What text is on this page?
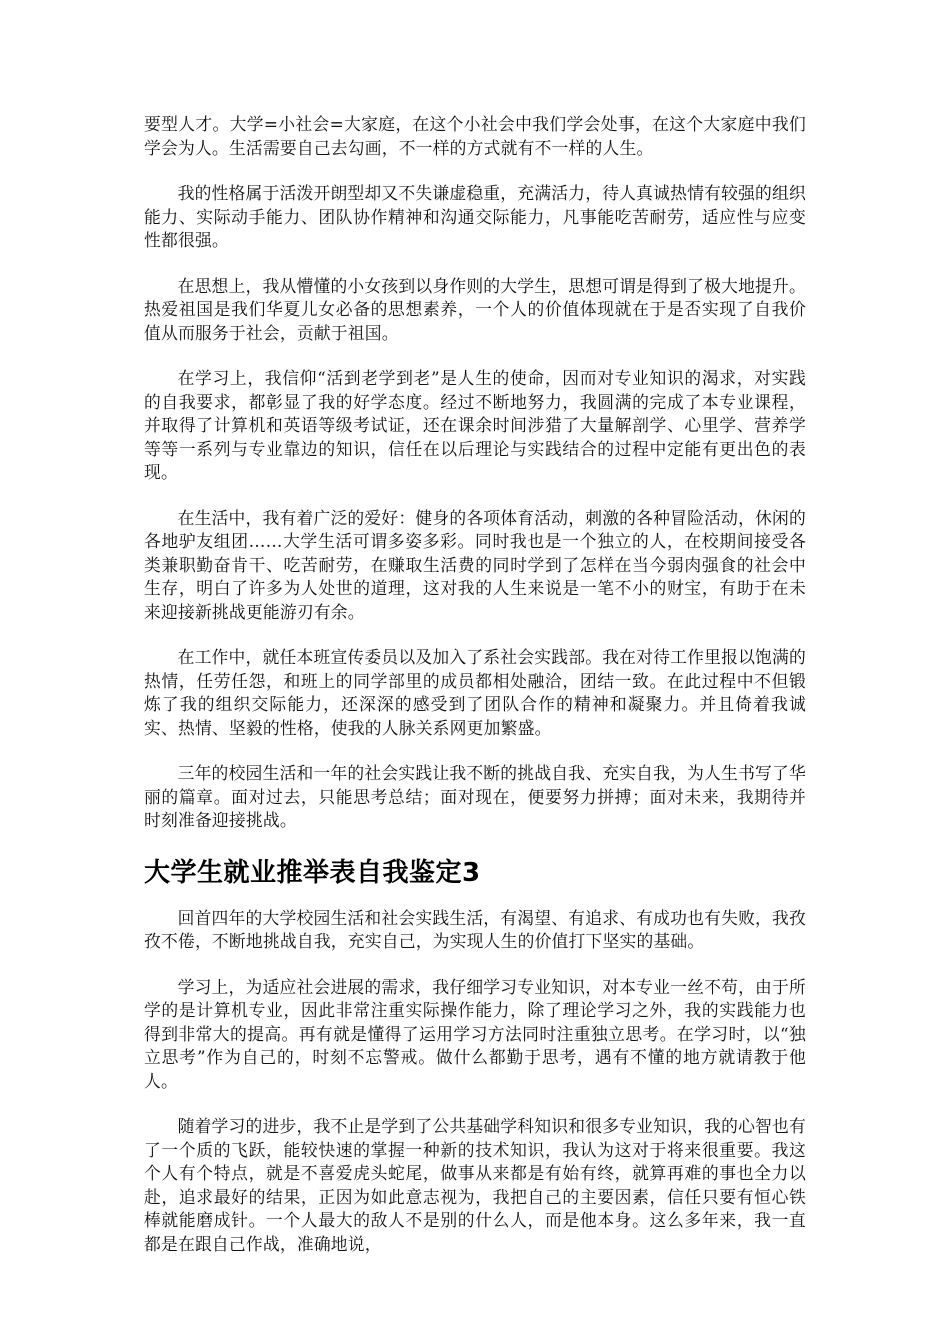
要型人才。大学=小社会=大家庭，在这个小社会中我们学会处事，在这个大家庭中我们学会为人。生活需要自己去勾画，不一样的方式就有不一样的人生。

我的性格属于活泼开朗型却又不失谦虚稳重，充满活力，待人真诚热情有较强的组织能力、实际动手能力、团队协作精神和沟通交际能力，凡事能吃苦耐劳，适应性与应变性都很强。

在思想上，我从懵懂的小女孩到以身作则的大学生，思想可谓是得到了极大地提升。热爱祖国是我们华夏儿女必备的思想素养，一个人的价值体现就在于是否实现了自我价值从而服务于社会，贡献于祖国。

在学习上，我信仰“活到老学到老”是人生的使命，因而对专业知识的渴求，对实践的自我要求，都彰显了我的好学态度。经过不断地努力，我圆满的完成了本专业课程，并取得了计算机和英语等级考试证，还在课余时间涉猎了大量解剖学、心里学、营养学等等一系列与专业靠边的知识，信任在以后理论与实践结合的过程中定能有更出色的表现。

在生活中，我有着广泛的爱好：健身的各项体育活动，刺激的各种冒险活动，休闲的各地驴友组团……大学生活可谓多姿多彩。同时我也是一个独立的人，在校期间接受各类兼职勤奋肯干、吃苦耐劳，在赚取生活费的同时学到了怎样在当今弱肉强食的社会中生存，明白了许多为人处世的道理，这对我的人生来说是一笔不小的财宝，有助于在未来迎接新挑战更能游刃有余。

在工作中，就任本班宣传委员以及加入了系社会实践部。我在对待工作里报以饱满的热情，任劳任怨，和班上的同学部里的成员都相处融洽，团结一致。在此过程中不但锻炼了我的组织交际能力，还深深的感受到了团队合作的精神和凝聚力。并且倚着我诚实、热情、坚毅的性格，使我的人脉关系网更加繁盛。

三年的校园生活和一年的社会实践让我不断的挑战自我、充实自我，为人生书写了华丽的篇章。面对过去，只能思考总结；面对现在，便要努力拼搏；面对未来，我期待并时刻准备迎接挑战。

大学生就业推举表自我鉴定3

回首四年的大学校园生活和社会实践生活，有渴望、有追求、有成功也有失败，我孜孜不倦，不断地挑战自我，充实自己，为实现人生的价值打下坚实的基础。

学习上，为适应社会进展的需求，我仔细学习专业知识，对本专业一丝不苟，由于所学的是计算机专业，因此非常注重实际操作能力，除了理论学习之外，我的实践能力也得到非常大的提高。再有就是懂得了运用学习方法同时注重独立思考。在学习时，以“独立思考”作为自己的，时刻不忘警戒。做什么都勤于思考，遇有不懂的地方就请教于他人。

随着学习的进步，我不止是学到了公共基础学科知识和很多专业知识，我的心智也有了一个质的飞跃，能较快速的掌握一种新的技术知识，我认为这对于将来很重要。我这个人有个特点，就是不喜爱虎头蛇尾，做事从来都是有始有终，就算再难的事也全力以赴，追求最好的结果，正因为如此意志视为，我把自己的主要因素，信任只要有恒心铁棒就能磨成针。一个人最大的敌人不是别的什么人，而是他本身。这么多年来，我一直都是在跟自己作战，准确地说，
